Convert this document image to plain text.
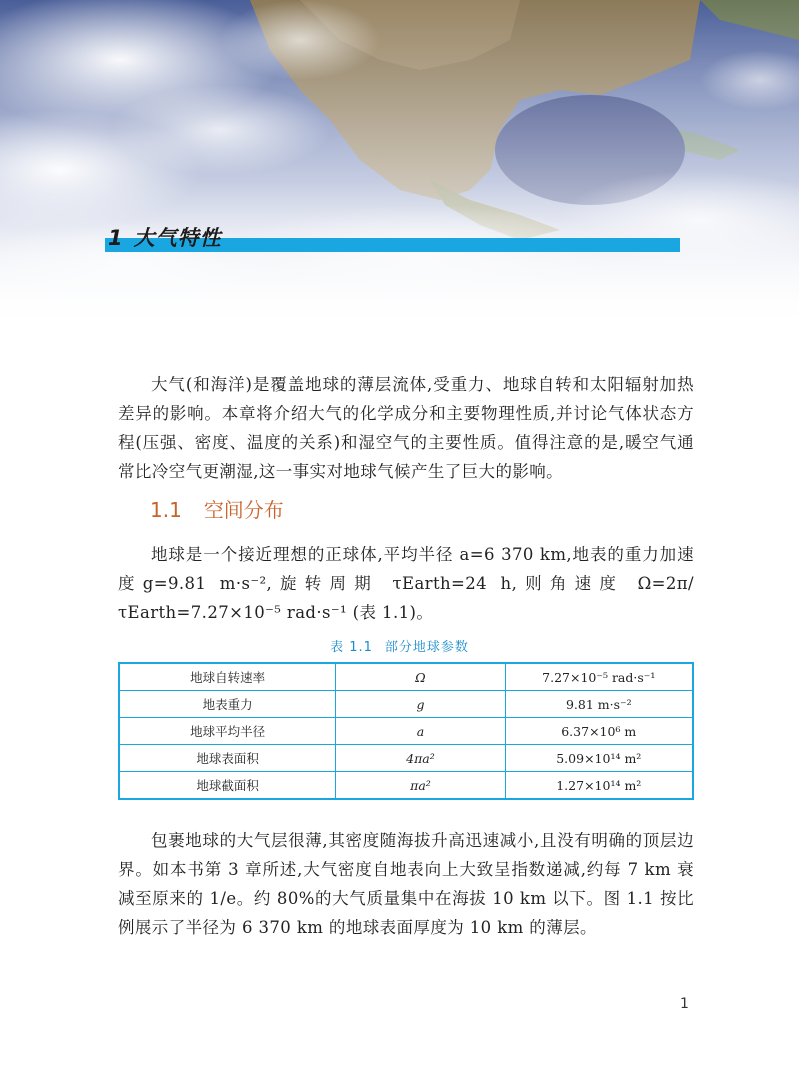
1 大气特性

大气(和海洋)是覆盖地球的薄层流体,受重力、地球自转和太阳辐射加热差异的影响。本章将介绍大气的化学成分和主要物理性质,并讨论气体状态方程(压强、密度、温度的关系)和湿空气的主要性质。值得注意的是,暖空气通常比冷空气更潮湿,这一事实对地球气候产生了巨大的影响。

1.1 空间分布

地球是一个接近理想的正球体,平均半径 a=6 370 km,地表的重力加速度g=9.81 m·s⁻²,旋转周期 τEarth=24 h,则角速度 Ω=2π/τEarth=7.27×10⁻⁵ rad·s⁻¹ (表 1.1)。

表 1.1 部分地球参数
地球自转速率	Ω	7.27×10⁻⁵ rad·s⁻¹
地表重力	g	9.81 m·s⁻²
地球平均半径	a	6.37×10⁶ m
地球表面积	4πa²	5.09×10¹⁴ m²
地球截面积	πa²	1.27×10¹⁴ m²

包裹地球的大气层很薄,其密度随海拔升高迅速减小,且没有明确的顶层边界。如本书第 3 章所述,大气密度自地表向上大致呈指数递减,约每 7 km 衰减至原来的 1/e。约 80%的大气质量集中在海拔 10 km 以下。图 1.1 按比例展示了半径为 6 370 km 的地球表面厚度为 10 km 的薄层。

1
